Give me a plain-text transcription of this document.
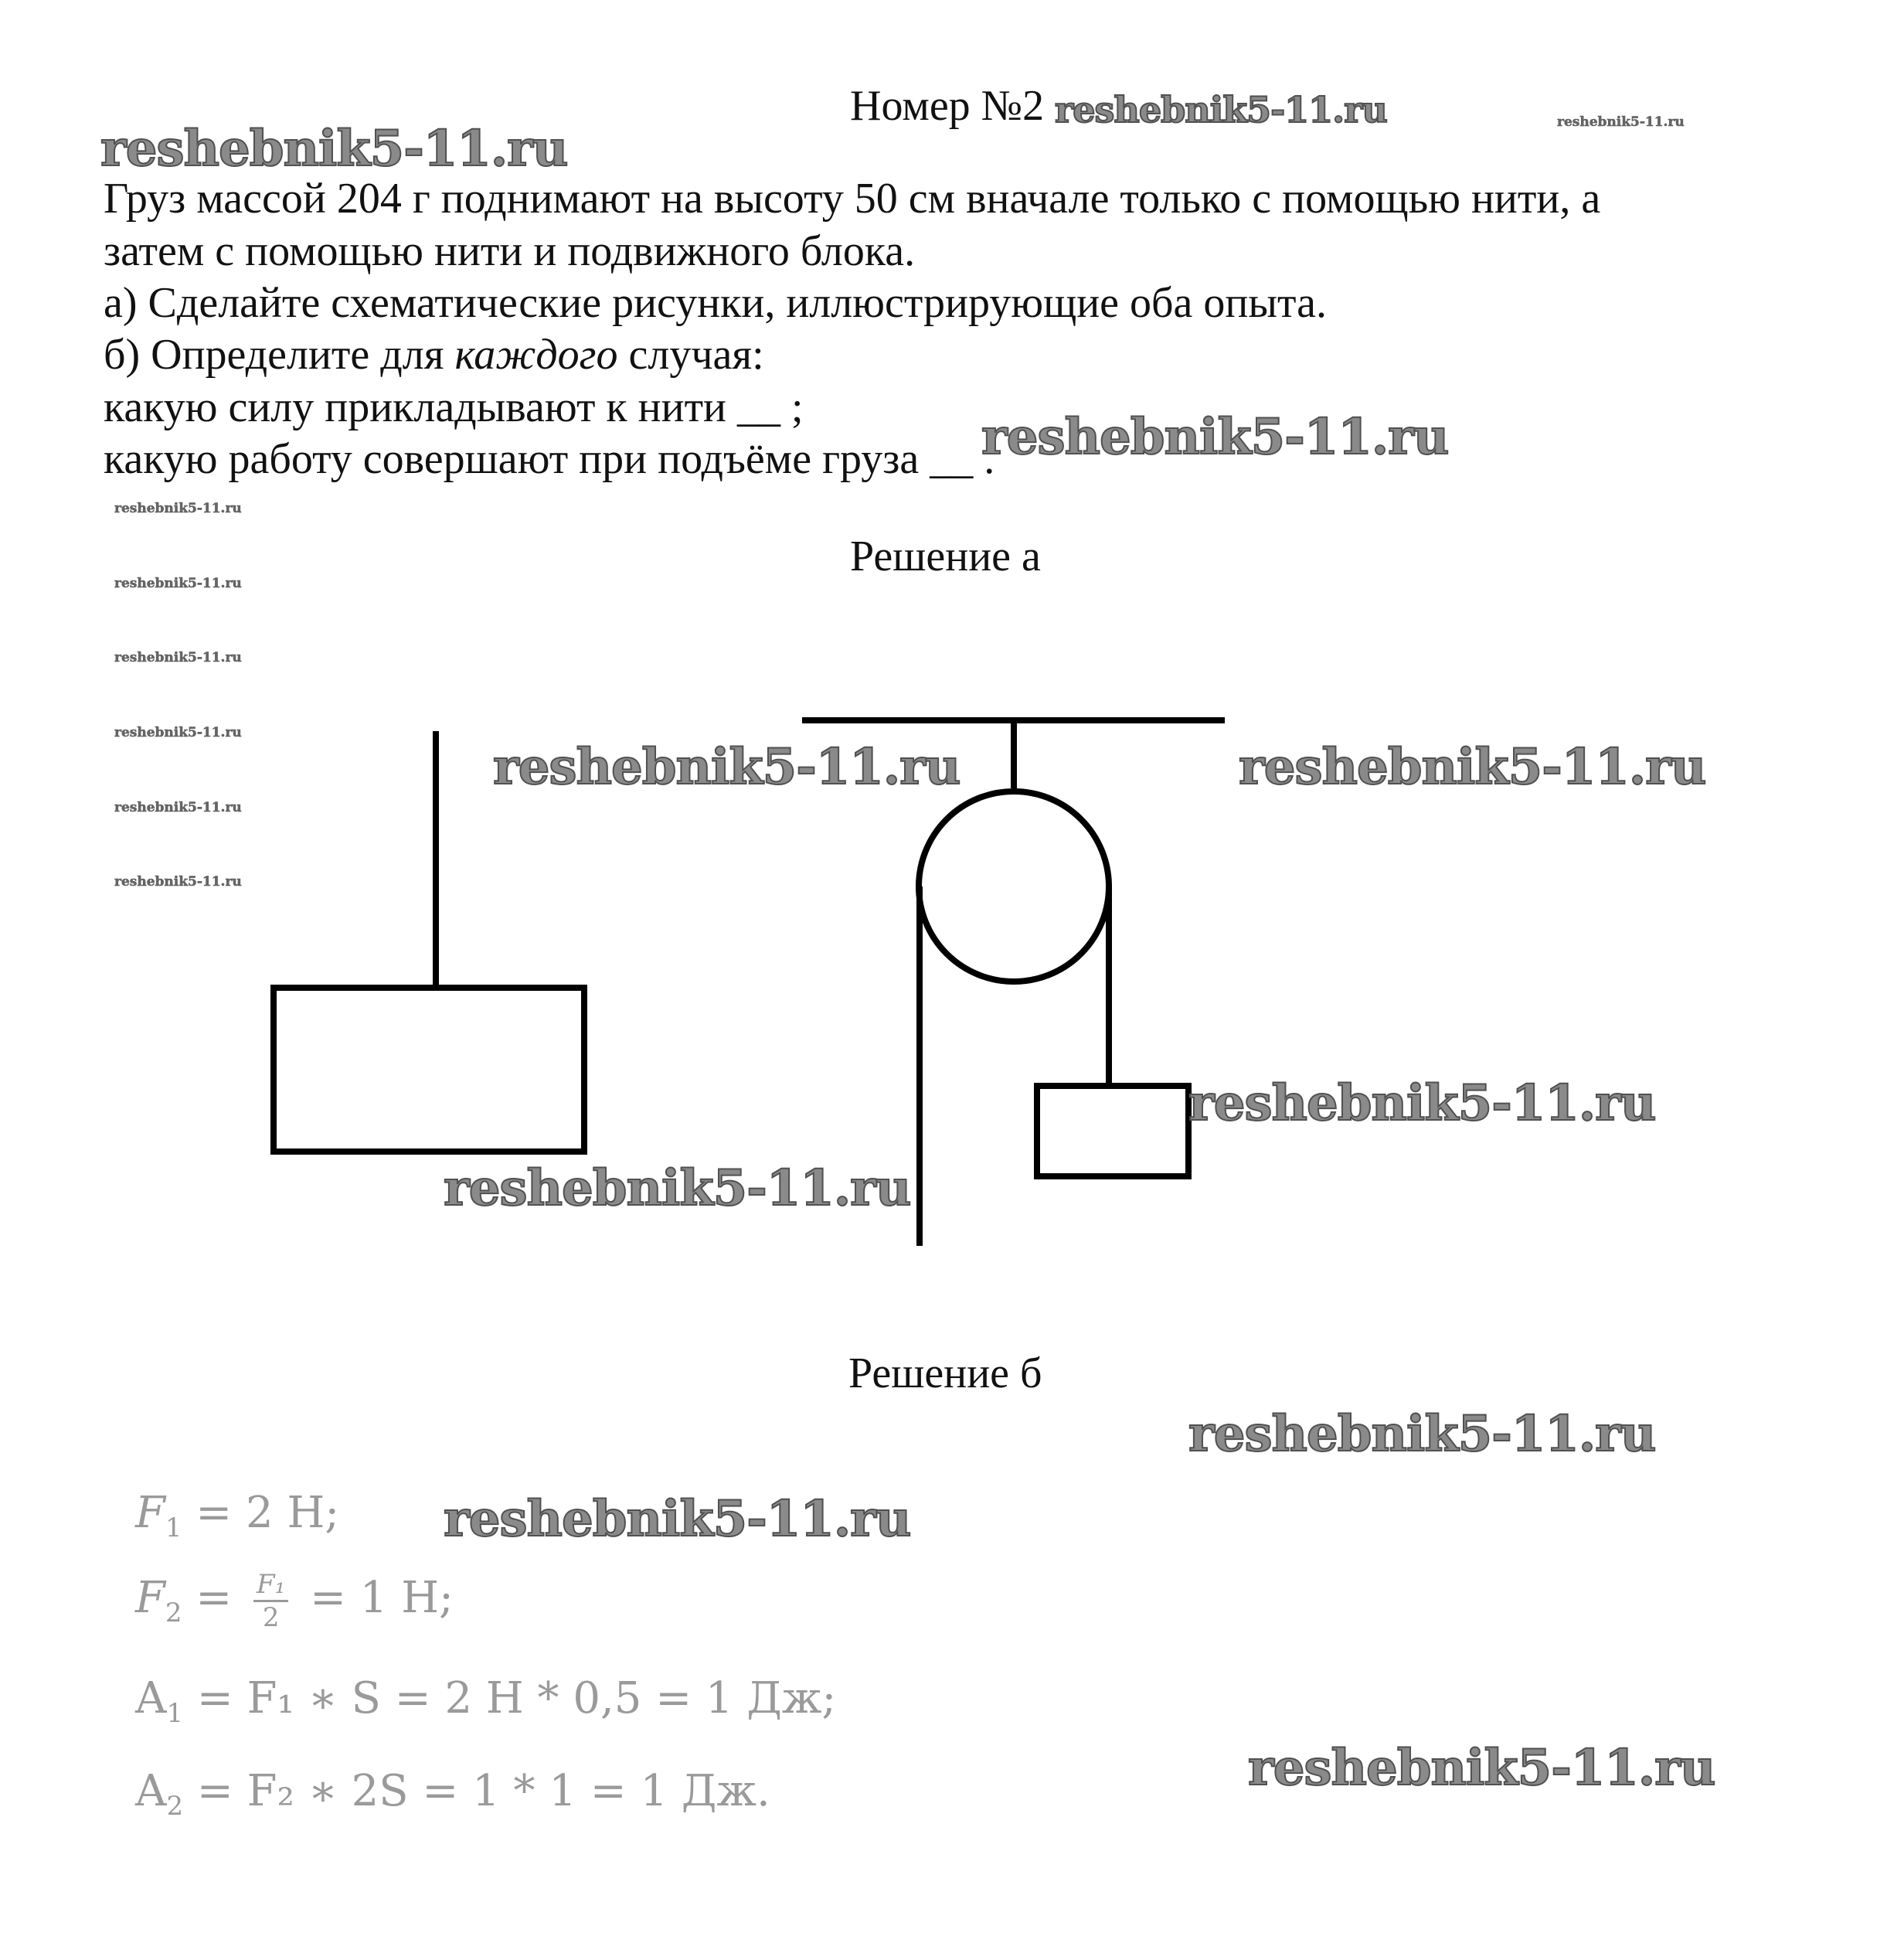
Номер №2 reshebnik5-11.ru	reshebnik5-11.ru
reshebnik5-11.ru
Груз массой 204 г поднимают на высоту 50 см вначале только с помощью нити, а
затем с помощью нити и подвижного блока.
а) Сделайте схематические рисунки, иллюстрирующие оба опыта.
б) Определите для каждого случая:
какую силу прикладывают к нити __ ;
какую работу совершают при подъёме груза __ .
reshebnik5-11.ru
reshebnik5-11.ru
reshebnik5-11.ru
reshebnik5-11.ru
reshebnik5-11.ru
reshebnik5-11.ru
reshebnik5-11.ru
Решение а
reshebnik5-11.ru	reshebnik5-11.ru
reshebnik5-11.ru
reshebnik5-11.ru
Решение б
reshebnik5-11.ru
reshebnik5-11.ru
reshebnik5-11.ru
$F_1 = 2$ Н;
$F_2 = \frac{\text{F₁}}{2} = 1$ Н;
$A_1 = F_1$ ∗ S = 2 Н * 0,5 = 1 Дж;
$A_2 = F_2$ ∗ 2S = 1 * 1 = 1 Дж.
